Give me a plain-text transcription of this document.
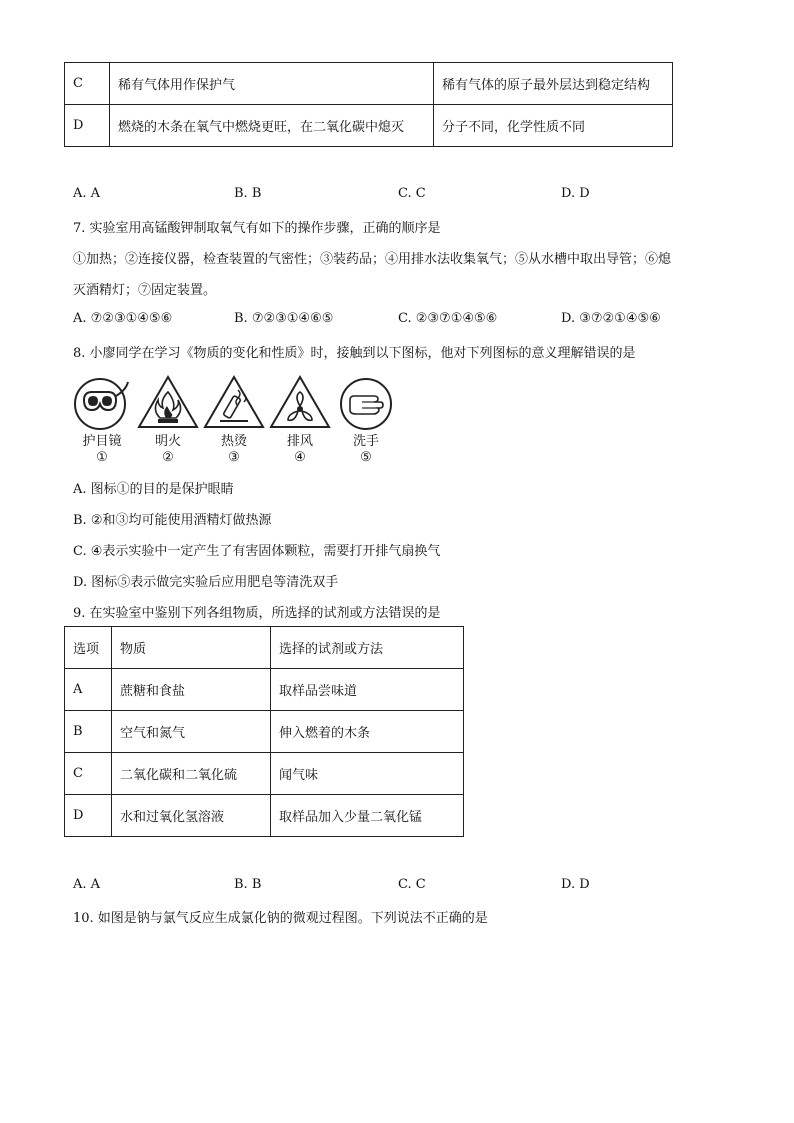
C	稀有气体用作保护气	稀有气体的原子最外层达到稳定结构
D	燃烧的木条在氧气中燃烧更旺，在二氧化碳中熄灭	分子不同，化学性质不同
A. A	B. B	C. C	D. D
7. 实验室用高锰酸钾制取氧气有如下的操作步骤，正确的顺序是
①加热；②连接仪器，检查装置的气密性；③装药品；④用排水法收集氧气；⑤从水槽中取出导管；⑥熄
灭酒精灯；⑦固定装置。
A. ⑦②③①④⑤⑥	B. ⑦②③①④⑥⑤	C. ②③⑦①④⑤⑥	D. ③⑦②①④⑤⑥
8. 小廖同学在学习《物质的变化和性质》时，接触到以下图标，他对下列图标的意义理解错误的是
护目镜	明火	热烫	排风	洗手
①	②	③	④	⑤
A. 图标①的目的是保护眼睛
B. ②和③均可能使用酒精灯做热源
C. ④表示实验中一定产生了有害固体颗粒，需要打开排气扇换气
D. 图标⑤表示做完实验后应用肥皂等清洗双手
9. 在实验室中鉴别下列各组物质，所选择的试剂或方法错误的是
选项	物质	选择的试剂或方法
A	蔗糖和食盐	取样品尝味道
B	空气和氮气	伸入燃着的木条
C	二氧化碳和二氧化硫	闻气味
D	水和过氧化氢溶液	取样品加入少量二氧化锰
A. A	B. B	C. C	D. D
10. 如图是钠与氯气反应生成氯化钠的微观过程图。下列说法不正确的是
